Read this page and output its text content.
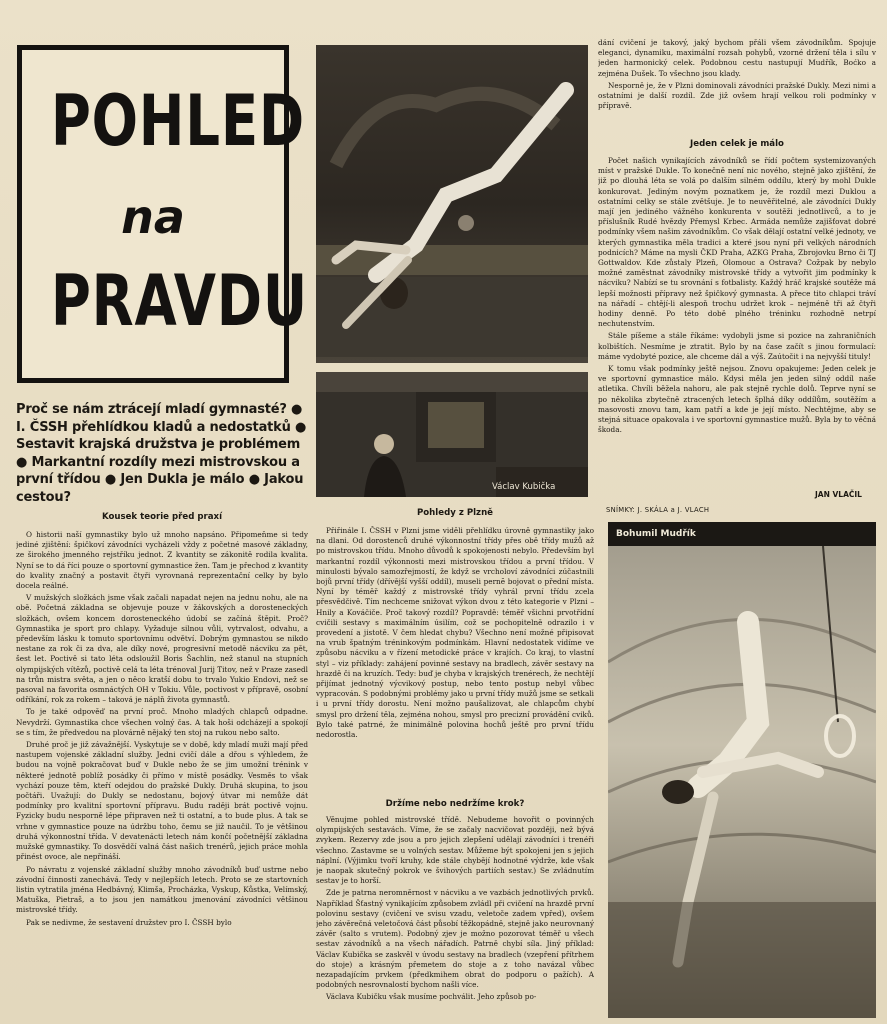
POHLED
na
PRAVDU
Proč se nám ztrácejí mladí gymnasté? ● I. ČSSH přehlídkou kladů a nedostatků ● Sestavit krajská družstva je problémem ● Markantní rozdíly mezi mistrovskou a první třídou ● Jen Dukla je málo ● Jakou cestou?
Václav Kubička
Bohumil Mudřík
Kousek teorie před praxí

O historii naší gymnastiky bylo už mnoho napsáno. Připomeňme si tedy jediné zjištění: špičkoví závodníci vycházeli vždy z početné masové základny, ze širokého jmenného rejstříku jednot. Z kvantity se zákonitě rodila kvalita. Nyní se to dá říci pouze o sportovní gymnastice žen. Tam je přechod z kvantity do kvality značný a postavit čtyři vyrovnaná reprezentační celky by bylo docela reálné.

V mužských složkách jsme však začali napadat nejen na jednu nohu, ale na obě. Početná základna se objevuje pouze v žákovských a dorosteneckých složkách, ovšem koncem dorosteneckého údobí se začíná štěpit. Proč? Gymnastika je sport pro chlapy. Vyžaduje silnou vůli, vytrvalost, odvahu, a především lásku k tomuto sportovnímu odvětví. Dobrým gymnastou se nikdo nestane za rok či za dva, ale díky nové, progresivní metodě nácviku za pět, šest let. Poctivě si tato léta odsloužil Boris Šachlin, než stanul na stupních olympijských vítězů, poctivě celá ta léta trénoval Jurij Titov, než v Praze zasedl na trůn mistra světa, a jen o něco kratší dobu to trvalo Yukio Endovi, než se pasoval na favorita osmnáctých OH v Tokiu. Vůle, poctivost v přípravě, osobní odříkání, rok za rokem – taková je náplň života gymnastů.

To je také odpověď na první proč. Mnoho mladých chlapců odpadne. Nevydrží. Gymnastika chce všechen volný čas. A tak hoši odcházejí a spokojí se s tím, že předvedou na plovárně nějaký ten stoj na rukou nebo salto.

Druhé proč je již závažnější. Vyskytuje se v době, kdy mladí muži mají před nastupem vojenské základní služby. Jedni cvičí dále a dřou s výhledem, že budou na vojně pokračovat buď v Dukle nebo že se jim umožní trénink v některé jednotě poblíž posádky či přímo v místě posádky. Vesměs to však vychází pouze těm, kteří odejdou do pražské Dukly. Druhá skupina, to jsou počtáři. Uvažují: do Dukly se nedostanu, bojový útvar mi nemůže dát podmínky pro kvalitní sportovní přípravu. Budu raději brát poctivě vojnu. Fyzicky budu nesporně lépe připraven než ti ostatní, a to bude plus. A tak se vrhne v gymnastice pouze na údržbu toho, čemu se již naučil. To je většinou druhá výkonnostní třída. V devatenácti letech nám končí početnější základna mužské gymnastiky. To dosvědčí valná část našich trenérů, jejich práce mohla přinést ovoce, ale nepřináší.

Po návratu z vojenské základní služby mnoho závodníků buď ustrne nebo závodní činnosti zanechává. Tedy v nejlepších letech. Proto se ze startovních listin vytratila jména Hedbávný, Klimša, Procházka, Vyskup, Kůstka, Velímský, Matuška, Pietraš, a to jsou jen namátkou jmenování závodníci většinou mistrovské třídy.

Pak se nedivme, že sestavení družstev pro I. ČSSH bylo

Pohledy z Plzně

Přiřinále I. ČSSH v Plzni jsme viděli přehlídku úrovně gymnastiky jako na dlani. Od dorostenců druhé výkonnostní třídy přes obě třídy mužů až po mistrovskou třídu. Mnoho důvodů k spokojenosti nebylo. Především byl markantní rozdíl výkonnosti mezi mistrovskou třídou a první třídou. V minulosti bývalo samozřejmostí, že když se vrcholoví závodníci zúčastnili bojů první třídy (dřívější vyšší oddíl), museli pernĕ bojovat o přední místa. Nyní by téměř každý z mistrovské třídy vyhrál první třídu zcela přesvědčivě. Tím nechceme snižovat výkon dvou z této kategorie v Plzni – Hnily a Kováčiče. Proč takový rozdíl? Popravdě: téměř všichni prvotřídní cvičili sestavy s maximálním úsilím, což se pochopitelně odrazilo i v provedení a jistotě. V čem hledat chybu? Všechno není možné připisovat na vrub špatným tréninkovým podmínkám. Hlavní nedostatek vidíme ve způsobu nácviku a v řízení metodické práce v krajích. Co kraj, to vlastní styl – viz příklady: zahájení povinné sestavy na bradlech, závěr sestavy na hrazdě či na kruzích. Tedy: buď je chyba v krajských trenérech, že nechtějí přijímat jednotný výcvikový postup, nebo tento postup nebyl vůbec vypracován. S podobnými problémy jako u první třídy mužů jsme se setkali i u první třídy dorostu. Není možno paušalizovat, ale chlapcům chybí smysl pro držení těla, zejména nohou, smysl pro precizní provádění cviků. Bylo také patrné, že minimálně polovina hochů ještě pro první třídu nedorostla.

Držíme nebo nedržíme krok?

Věnujme pohled mistrovské třídě. Nebudeme hovořit o povinných olympijských sestavách. Víme, že se začaly nacvičovat později, než bývá zvykem. Rezervy zde jsou a pro jejich zlepšení udělají závodníci i trenéři všechno. Zastavme se u volných sestav. Můžeme být spokojeni jen s jejich náplní. (Výjimku tvoří kruhy, kde stále chybějí hodnotné výdrže, kde však je naopak skutečný pokrok ve švihových partiích sestav.) Se zvládnutím sestav je to horší.

Zde je patrna neromněrnost v nácviku a ve vazbách jednotlivých prvků. Například Šťastný vynikajícím způsobem zvládl při cvičení na hrazdě první polovinu sestavy (cvičení ve svisu vzadu, veletoče zadem vpřed), ovšem jeho závěrečná veletočová část působí těžkopádně, stejně jako neurovnaný závěr (salto s vrutem). Podobný zjev je možno pozorovat téměř u všech sestav závodníků a na všech nářadích. Patrně chybí síla. Jiný příklad: Václav Kubička se zaskvěl v úvodu sestavy na bradlech (vzepření přítrhem do stoje) a krásným přemetem do stoje a z toho navázal vůbec nezapadajícím prvkem (předkmihem obrat do podporu o pažích). A podobných nesrovnalostí bychom našli více.

Václava Kubičku však musíme pochválit. Jeho způsob po-

dání cvičení je takový, jaký bychom přáli všem závodníkům. Spojuje eleganci, dynamiku, maximální rozsah pohybů, vzorné držení těla i sílu v jeden harmonický celek. Podobnou cestu nastupují Mudřík, Boćko a zejména Dušek. To všechno jsou klady.

Nesporně je, že v Plzni dominovali závodníci pražské Dukly. Mezi nimi a ostatními je další rozdíl. Zde již ovšem hrají velkou roli podmínky v přípravě.

Jeden celek je málo

Počet našich vynikajících závodníků se řídí počtem systemizovaných míst v pražské Dukle. To konečně není nic nového, stejně jako zjištění, že již po dlouhá léta se volá po dalším silném oddílu, který by mohl Dukle konkurovat. Jediným novým poznatkem je, že rozdíl mezi Duklou a ostatními celky se stále zvětšuje. Je to neuvěřitelné, ale závodníci Dukly mají jen jediného vážného konkurenta v soutěži jednotlivců, a to je příslušník Rudé hvězdy Přemysl Krbec. Armáda nemůže zajišťovat dobré podmínky všem našim závodníkům. Co však dělají ostatní velké jednoty, ve kterých gymnastika měla tradici a které jsou nyní při velkých národních podnicích? Máme na mysli ČKD Praha, AZKG Praha, Zbrojovku Brno či TJ Gottwaldov. Kde zůstaly Plzeň, Olomouc a Ostrava? Cožpak by nebylo možné zaměstnat závodníky mistrovské třídy a vytvořit jim podmínky k nácviku? Nabízí se tu srovnání s fotbalisty. Každý hráč krajské soutěže má lepší možnosti přípravy než špičkový gymnasta. A přece tito chlapci tráví na nářadí – chtějí-li alespoň trochu udržet krok – nejméně tři až čtyři hodiny denně. Po této době plného tréninku rozhodně netrpí nechutenstvím.

Stále píšeme a stále říkáme: vydobyli jsme si pozice na zahraničních kolbištích. Nesmíme je ztratit. Bylo by na čase začít s jinou formulací: máme vydobyté pozice, ale chceme dál a výš. Zaútočit i na nejvyšší tituly!

K tomu však podmínky ještě nejsou. Znovu opakujeme: Jeden celek je ve sportovní gymnastice málo. Kdysi měla jen jeden silný oddíl naše atletika. Chvíli běžela nahoru, ale pak stejně rychle dolů. Teprve nyní se po několika zbytečně ztracených letech šplhá díky oddílům, soutěžím a masovosti znovu tam, kam patří a kde je její místo. Nechtějme, aby se stejná situace opakovala i ve sportovní gymnastice mužů. Byla by to věčná škoda.

JAN VLAČIL
SNÍMKY: J. SKÁLA a J. VLACH
